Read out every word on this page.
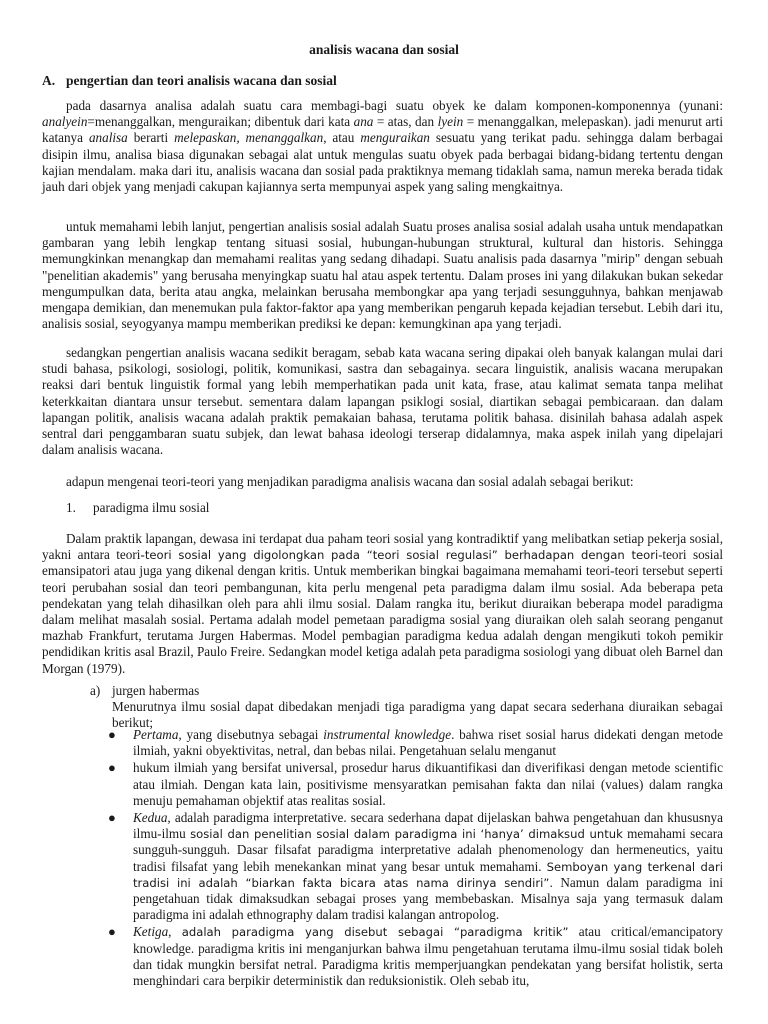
analisis wacana dan sosial
A. pengertian dan teori analisis wacana dan sosial

pada dasarnya analisa adalah suatu cara membagi-bagi suatu obyek ke dalam komponen-komponennya (yunani: analyein=menanggalkan, menguraikan; dibentuk dari kata ana = atas, dan lyein = menanggalkan, melepaskan). jadi menurut arti katanya analisa berarti melepaskan, menanggalkan, atau menguraikan sesuatu yang terikat padu. sehingga dalam berbagai disipin ilmu, analisa biasa digunakan sebagai alat untuk mengulas suatu obyek pada berbagai bidang-bidang tertentu dengan kajian mendalam. maka dari itu, analisis wacana dan sosial pada praktiknya memang tidaklah sama, namun mereka berada tidak jauh dari objek yang menjadi cakupan kajiannya serta mempunyai aspek yang saling mengkaitnya.

untuk memahami lebih lanjut, pengertian analisis sosial adalah Suatu proses analisa sosial adalah usaha untuk mendapatkan gambaran yang lebih lengkap tentang situasi sosial, hubungan-hubungan struktural, kultural dan historis. Sehingga memungkinkan menangkap dan memahami realitas yang sedang dihadapi. Suatu analisis pada dasarnya "mirip" dengan sebuah "penelitian akademis" yang berusaha menyingkap suatu hal atau aspek tertentu. Dalam proses ini yang dilakukan bukan sekedar mengumpulkan data, berita atau angka, melainkan berusaha membongkar apa yang terjadi sesungguhnya, bahkan menjawab mengapa demikian, dan menemukan pula faktor-faktor apa yang memberikan pengaruh kepada kejadian tersebut. Lebih dari itu, analisis sosial, seyogyanya mampu memberikan prediksi ke depan: kemungkinan apa yang terjadi.

sedangkan pengertian analisis wacana sedikit beragam, sebab kata wacana sering dipakai oleh banyak kalangan mulai dari studi bahasa, psikologi, sosiologi, politik, komunikasi, sastra dan sebagainya. secara linguistik, analisis wacana merupakan reaksi dari bentuk linguistik formal yang lebih memperhatikan pada unit kata, frase, atau kalimat semata tanpa melihat keterkkaitan diantara unsur tersebut. sementara dalam lapangan psiklogi sosial, diartikan sebagai pembicaraan. dan dalam lapangan politik, analisis wacana adalah praktik pemakaian bahasa, terutama politik bahasa. disinilah bahasa adalah aspek sentral dari penggambaran suatu subjek, dan lewat bahasa ideologi terserap didalamnya, maka aspek inilah yang dipelajari dalam analisis wacana.

adapun mengenai teori-teori yang menjadikan paradigma analisis wacana dan sosial adalah sebagai berikut:

1. paradigma ilmu sosial

Dalam praktik lapangan, dewasa ini terdapat dua paham teori sosial yang kontradiktif yang melibatkan setiap pekerja sosial, yakni antara teori-teori sosial yang digolongkan pada “teori sosial regulasi” berhadapan dengan teori-teori sosial emansipatori atau juga yang dikenal dengan kritis. Untuk memberikan bingkai bagaimana memahami teori-teori tersebut seperti teori perubahan sosial dan teori pembangunan, kita perlu mengenal peta paradigma dalam ilmu sosial. Ada beberapa peta pendekatan yang telah dihasilkan oleh para ahli ilmu sosial. Dalam rangka itu, berikut diuraikan beberapa model paradigma dalam melihat masalah sosial. Pertama adalah model pemetaan paradigma sosial yang diuraikan oleh salah seorang penganut mazhab Frankfurt, terutama Jurgen Habermas. Model pembagian paradigma kedua adalah dengan mengikuti tokoh pemikir pendidikan kritis asal Brazil, Paulo Freire. Sedangkan model ketiga adalah peta paradigma sosiologi yang dibuat oleh Barnel dan Morgan (1979).

a) jurgen habermas

Menurutnya ilmu sosial dapat dibedakan menjadi tiga paradigma yang dapat secara sederhana diuraikan sebagai berikut;

● Pertama, yang disebutnya sebagai instrumental knowledge. bahwa riset sosial harus didekati dengan metode ilmiah, yakni obyektivitas, netral, dan bebas nilai. Pengetahuan selalu menganut
● hukum ilmiah yang bersifat universal, prosedur harus dikuantifikasi dan diverifikasi dengan metode scientific atau ilmiah. Dengan kata lain, positivisme mensyaratkan pemisahan fakta dan nilai (values) dalam rangka menuju pemahaman objektif atas realitas sosial.
● Kedua, adalah paradigma interpretative. secara sederhana dapat dijelaskan bahwa pengetahuan dan khususnya ilmu-ilmu sosial dan penelitian sosial dalam paradigma ini ‘hanya’ dimaksud untuk memahami secara sungguh-sungguh. Dasar filsafat paradigma interpretative adalah phenomenology dan hermeneutics, yaitu tradisi filsafat yang lebih menekankan minat yang besar untuk memahami. Semboyan yang terkenal dari tradisi ini adalah “biarkan fakta bicara atas nama dirinya sendiri”. Namun dalam paradigma ini pengetahuan tidak dimaksudkan sebagai proses yang membebaskan. Misalnya saja yang termasuk dalam paradigma ini adalah ethnography dalam tradisi kalangan antropolog.
● Ketiga, adalah paradigma yang disebut sebagai “paradigma kritik” atau critical/emancipatory knowledge. paradigma kritis ini menganjurkan bahwa ilmu pengetahuan terutama ilmu-ilmu sosial tidak boleh dan tidak mungkin bersifat netral. Paradigma kritis memperjuangkan pendekatan yang bersifat holistik, serta menghindari cara berpikir deterministik dan reduksionistik. Oleh sebab itu,
